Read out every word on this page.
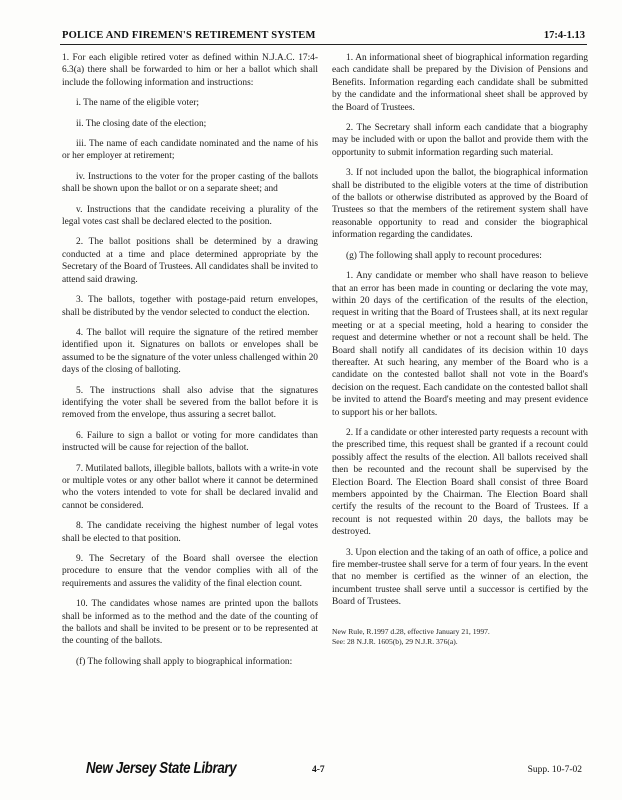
POLICE AND FIREMEN'S RETIREMENT SYSTEM	17:4-1.13

1. For each eligible retired voter as defined within N.J.A.C. 17:4-6.3(a) there shall be forwarded to him or her a ballot which shall include the following information and instructions:

i. The name of the eligible voter;

ii. The closing date of the election;

iii. The name of each candidate nominated and the name of his or her employer at retirement;

iv. Instructions to the voter for the proper casting of the ballots shall be shown upon the ballot or on a separate sheet; and

v. Instructions that the candidate receiving a plurality of the legal votes cast shall be declared elected to the position.

2. The ballot positions shall be determined by a drawing conducted at a time and place determined appropriate by the Secretary of the Board of Trustees. All candidates shall be invited to attend said drawing.

3. The ballots, together with postage-paid return envelopes, shall be distributed by the vendor selected to conduct the election.

4. The ballot will require the signature of the retired member identified upon it. Signatures on ballots or envelopes shall be assumed to be the signature of the voter unless challenged within 20 days of the closing of balloting.

5. The instructions shall also advise that the signatures identifying the voter shall be severed from the ballot before it is removed from the envelope, thus assuring a secret ballot.

6. Failure to sign a ballot or voting for more candidates than instructed will be cause for rejection of the ballot.

7. Mutilated ballots, illegible ballots, ballots with a write-in vote or multiple votes or any other ballot where it cannot be determined who the voters intended to vote for shall be declared invalid and cannot be considered.

8. The candidate receiving the highest number of legal votes shall be elected to that position.

9. The Secretary of the Board shall oversee the election procedure to ensure that the vendor complies with all of the requirements and assures the validity of the final election count.

10. The candidates whose names are printed upon the ballots shall be informed as to the method and the date of the counting of the ballots and shall be invited to be present or to be represented at the counting of the ballots.

(f) The following shall apply to biographical information:

1. An informational sheet of biographical information regarding each candidate shall be prepared by the Division of Pensions and Benefits. Information regarding each candidate shall be submitted by the candidate and the informational sheet shall be approved by the Board of Trustees.

2. The Secretary shall inform each candidate that a biography may be included with or upon the ballot and provide them with the opportunity to submit information regarding such material.

3. If not included upon the ballot, the biographical information shall be distributed to the eligible voters at the time of distribution of the ballots or otherwise distributed as approved by the Board of Trustees so that the members of the retirement system shall have reasonable opportunity to read and consider the biographical information regarding the candidates.

(g) The following shall apply to recount procedures:

1. Any candidate or member who shall have reason to believe that an error has been made in counting or declaring the vote may, within 20 days of the certification of the results of the election, request in writing that the Board of Trustees shall, at its next regular meeting or at a special meeting, hold a hearing to consider the request and determine whether or not a recount shall be held. The Board shall notify all candidates of its decision within 10 days thereafter. At such hearing, any member of the Board who is a candidate on the contested ballot shall not vote in the Board's decision on the request. Each candidate on the contested ballot shall be invited to attend the Board's meeting and may present evidence to support his or her ballots.

2. If a candidate or other interested party requests a recount with the prescribed time, this request shall be granted if a recount could possibly affect the results of the election. All ballots received shall then be recounted and the recount shall be supervised by the Election Board. The Election Board shall consist of three Board members appointed by the Chairman. The Election Board shall certify the results of the recount to the Board of Trustees. If a recount is not requested within 20 days, the ballots may be destroyed.

3. Upon election and the taking of an oath of office, a police and fire member-trustee shall serve for a term of four years. In the event that no member is certified as the winner of an election, the incumbent trustee shall serve until a successor is certified by the Board of Trustees.

New Rule, R.1997 d.28, effective January 21, 1997.
See: 28 N.J.R. 1605(b), 29 N.J.R. 376(a).

New Jersey State Library	4-7	Supp. 10-7-02
